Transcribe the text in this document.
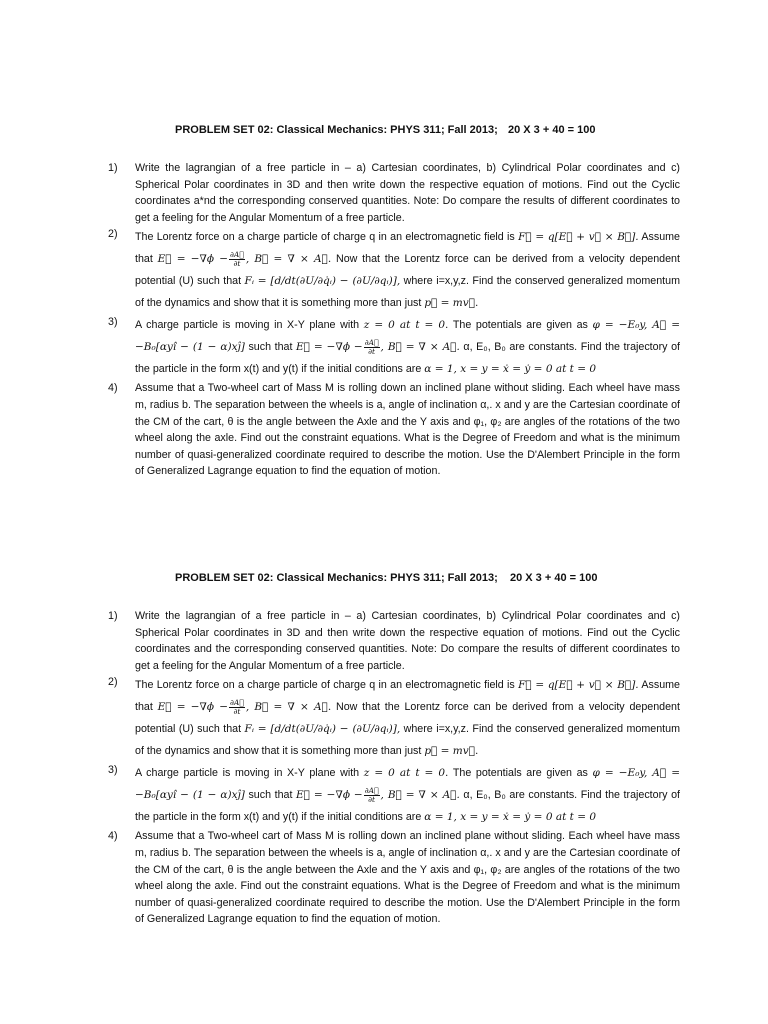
PROBLEM SET 02: Classical Mechanics: PHYS 311; Fall 2013; 20 X 3 + 40 = 100
1) Write the lagrangian of a free particle in – a) Cartesian coordinates, b) Cylindrical Polar coordinates and c) Spherical Polar coordinates in 3D and then write down the respective equation of motions. Find out the Cyclic coordinates a*nd the corresponding conserved quantities. Note: Do compare the results of different coordinates to get a feeling for the Angular Momentum of a free particle.
2) The Lorentz force on a charge particle of charge q in an electromagnetic field is F⃗ = q[E⃗ + v⃗ × B⃗]. Assume that E⃗ = $-\nabla\phi - \frac{\partial A⃗}{\partial t}$ , B⃗ = ∇ × A⃗. Now that the Lorentz force can be derived from a velocity dependent potential (U) such that Fᵢ = [d/dt(∂U/∂q̇ᵢ) − (∂U/∂qᵢ)], where i=x,y,z. Find the conserved generalized momentum of the dynamics and show that it is something more than just p⃗ = mv⃗.
3) A charge particle is moving in X-Y plane with z = 0 at t = 0. The potentials are given as φ = −E₀y, A⃗ = −B₀[αyî − (1 − α)xĵ] such that E⃗ = $-\nabla\phi - \frac{\partial A⃗}{\partial t}$ , B⃗ = ∇ × A⃗. α, E₀, B₀ are constants. Find the trajectory of the particle in the form x(t) and y(t) if the initial conditions are α = 1, x = y = ẋ = ẏ = 0 at t = 0
4) Assume that a Two-wheel cart of Mass M is rolling down an inclined plane without sliding. Each wheel have mass m, radius b. The separation between the wheels is a, angle of inclination α,. x and y are the Cartesian coordinate of the CM of the cart, θ is the angle between the Axle and the Y axis and φ₁, φ₂ are angles of the rotations of the two wheel along the axle. Find out the constraint equations. What is the Degree of Freedom and what is the minimum number of quasi-generalized coordinate required to describe the motion. Use the D'Alembert Principle in the form of Generalized Lagrange equation to find the equation of motion.
PROBLEM SET 02: Classical Mechanics: PHYS 311; Fall 2013; 20 X 3 + 40 = 100
1) Write the lagrangian of a free particle in – a) Cartesian coordinates, b) Cylindrical Polar coordinates and c) Spherical Polar coordinates in 3D and then write down the respective equation of motions. Find out the Cyclic coordinates and the corresponding conserved quantities. Note: Do compare the results of different coordinates to get a feeling for the Angular Momentum of a free particle.
2) The Lorentz force on a charge particle of charge q in an electromagnetic field is F⃗ = q[E⃗ + v⃗ × B⃗]. Assume that E⃗ = $-\nabla\phi - \frac{\partial A⃗}{\partial t}$ , B⃗ = ∇ × A⃗. Now that the Lorentz force can be derived from a velocity dependent potential (U) such that Fᵢ = [d/dt(∂U/∂q̇ᵢ) − (∂U/∂qᵢ)], where i=x,y,z. Find the conserved generalized momentum of the dynamics and show that it is something more than just p⃗ = mv⃗.
3) A charge particle is moving in X-Y plane with z = 0 at t = 0. The potentials are given as φ = −E₀y, A⃗ = −B₀[αyî − (1 − α)xĵ] such that E⃗ = $-\nabla\phi - \frac{\partial A⃗}{\partial t}$ , B⃗ = ∇ × A⃗. α, E₀, B₀ are constants. Find the trajectory of the particle in the form x(t) and y(t) if the initial conditions are α = 1, x = y = ẋ = ẏ = 0 at t = 0
4) Assume that a Two-wheel cart of Mass M is rolling down an inclined plane without sliding. Each wheel have mass m, radius b. The separation between the wheels is a, angle of inclination α,. x and y are the Cartesian coordinate of the CM of the cart, θ is the angle between the Axle and the Y axis and φ₁, φ₂ are angles of the rotations of the two wheel along the axle. Find out the constraint equations. What is the Degree of Freedom and what is the minimum number of quasi-generalized coordinate required to describe the motion. Use the D'Alembert Principle in the form of Generalized Lagrange equation to find the equation of motion.
